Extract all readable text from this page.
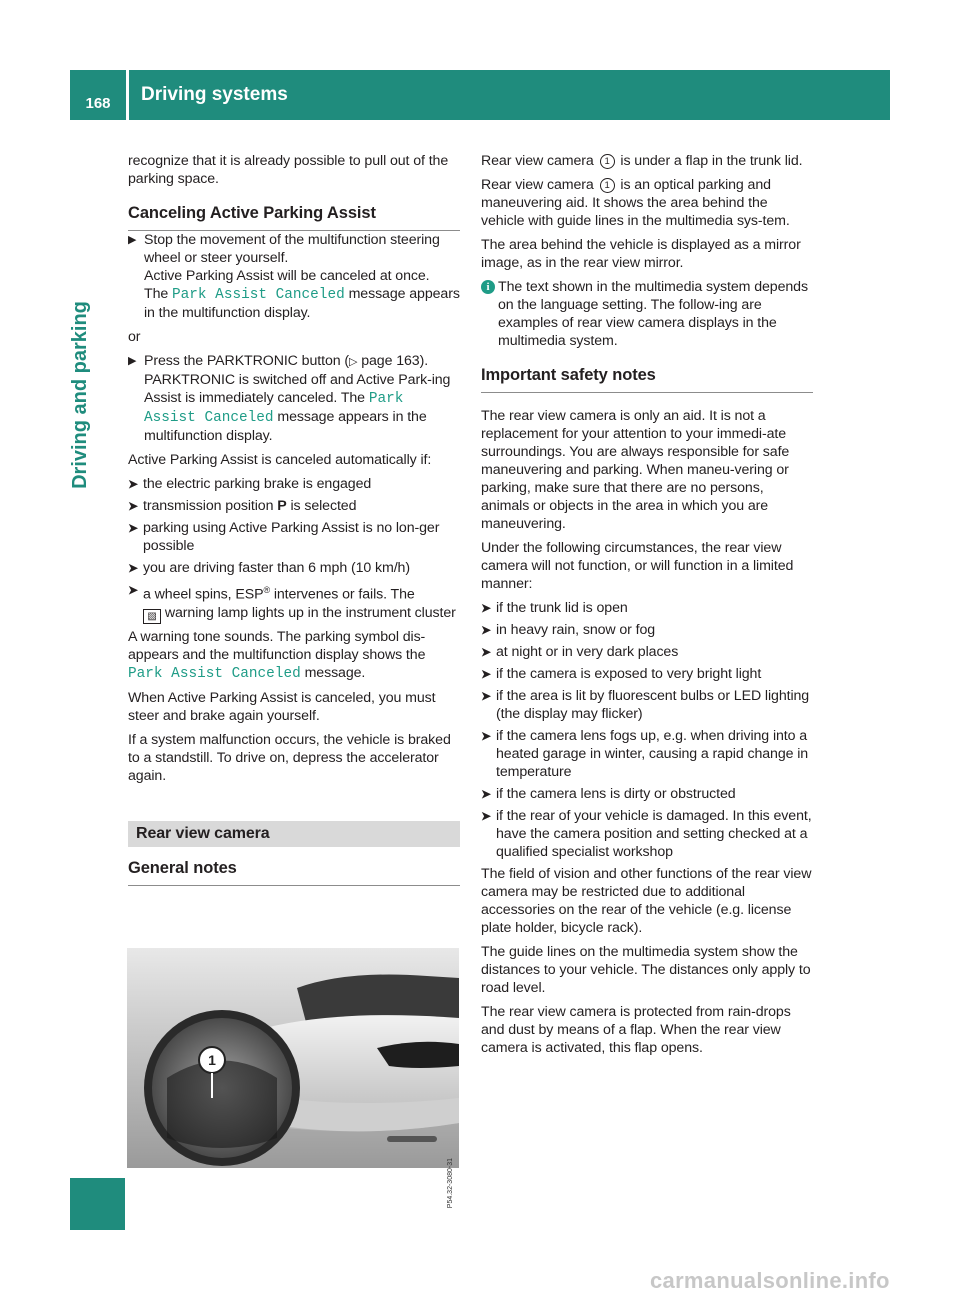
168 Driving systems
Driving and parking

recognize that it is already possible to pull out of the parking space.

Canceling Active Parking Assist
▶ Stop the movement of the multifunction steering wheel or steer yourself.
Active Parking Assist will be canceled at once.
The Park Assist Canceled message appears in the multifunction display.

or

▶ Press the PARKTRONIC button (▷ page 163). PARKTRONIC is switched off and Active Park-ing Assist is immediately canceled. The Park Assist Canceled message appears in the multifunction display.

Active Parking Assist is canceled automatically if:

➤ the electric parking brake is engaged
➤ transmission position P is selected
➤ parking using Active Parking Assist is no lon-ger possible
➤ you are driving faster than 6 mph (10 km/h)
➤ a wheel spins, ESP® intervenes or fails. The
▧ warning lamp lights up in the instrument cluster

A warning tone sounds. The parking symbol dis-appears and the multifunction display shows the Park Assist Canceled message.

When Active Parking Assist is canceled, you must steer and brake again yourself.

If a system malfunction occurs, the vehicle is braked to a standstill. To drive on, depress the accelerator again.

Rear view camera
General notes
1
P54.32-3080-31

Rear view camera 1 is under a flap in the trunk lid.

Rear view camera 1 is an optical parking and maneuvering aid. It shows the area behind the vehicle with guide lines in the multimedia sys-tem.

The area behind the vehicle is displayed as a mirror image, as in the rear view mirror.

i The text shown in the multimedia system depends on the language setting. The follow-ing are examples of rear view camera displays in the multimedia system.
Important safety notes

The rear view camera is only an aid. It is not a replacement for your attention to your immedi-ate surroundings. You are always responsible for safe maneuvering and parking. When maneu-vering or parking, make sure that there are no persons, animals or objects in the area in which you are maneuvering.

Under the following circumstances, the rear view camera will not function, or will function in a limited manner:

➤ if the trunk lid is open
➤ in heavy rain, snow or fog
➤ at night or in very dark places
➤ if the camera is exposed to very bright light
➤ if the area is lit by fluorescent bulbs or LED lighting (the display may flicker)
➤ if the camera lens fogs up, e.g. when driving into a heated garage in winter, causing a rapid change in temperature
➤ if the camera lens is dirty or obstructed
➤ if the rear of your vehicle is damaged. In this event, have the camera position and setting checked at a qualified specialist workshop

The field of vision and other functions of the rear view camera may be restricted due to additional accessories on the rear of the vehicle (e.g. license plate holder, bicycle rack).

The guide lines on the multimedia system show the distances to your vehicle. The distances only apply to road level.

The rear view camera is protected from rain-drops and dust by means of a flap. When the rear view camera is activated, this flap opens.

carmanualsonline.info
